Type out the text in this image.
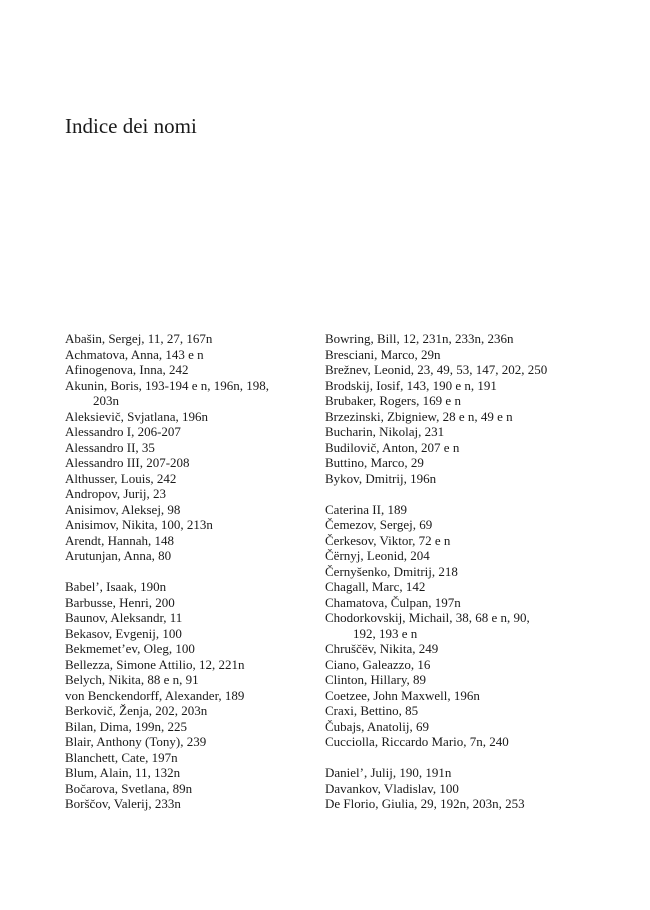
Indice dei nomi
Abašin, Sergej, 11, 27, 167n
Achmatova, Anna, 143 e n
Afinogenova, Inna, 242
Akunin, Boris, 193-194 e n, 196n, 198,
203n
Aleksievič, Svjatlana, 196n
Alessandro I, 206-207
Alessandro II, 35
Alessandro III, 207-208
Althusser, Louis, 242
Andropov, Jurij, 23
Anisimov, Aleksej, 98
Anisimov, Nikita, 100, 213n
Arendt, Hannah, 148
Arutunjan, Anna, 80
Babel’, Isaak, 190n
Barbusse, Henri, 200
Baunov, Aleksandr, 11
Bekasov, Evgenij, 100
Bekmemet’ev, Oleg, 100
Bellezza, Simone Attilio, 12, 221n
Belych, Nikita, 88 e n, 91
von Benckendorff, Alexander, 189
Berkovič, Ženja, 202, 203n
Bilan, Dima, 199n, 225
Blair, Anthony (Tony), 239
Blanchett, Cate, 197n
Blum, Alain, 11, 132n
Bočarova, Svetlana, 89n
Borščov, Valerij, 233n
Bowring, Bill, 12, 231n, 233n, 236n
Bresciani, Marco, 29n
Brežnev, Leonid, 23, 49, 53, 147, 202, 250
Brodskij, Iosif, 143, 190 e n, 191
Brubaker, Rogers, 169 e n
Brzezinski, Zbigniew, 28 e n, 49 e n
Bucharin, Nikolaj, 231
Budilovič, Anton, 207 e n
Buttino, Marco, 29
Bykov, Dmitrij, 196n
Caterina II, 189
Čemezov, Sergej, 69
Čerkesov, Viktor, 72 e n
Čërnyj, Leonid, 204
Černyšenko, Dmitrij, 218
Chagall, Marc, 142
Chamatova, Čulpan, 197n
Chodorkovskij, Michail, 38, 68 e n, 90,
192, 193 e n
Chruščëv, Nikita, 249
Ciano, Galeazzo, 16
Clinton, Hillary, 89
Coetzee, John Maxwell, 196n
Craxi, Bettino, 85
Čubajs, Anatolij, 69
Cucciolla, Riccardo Mario, 7n, 240
Daniel’, Julij, 190, 191n
Davankov, Vladislav, 100
De Florio, Giulia, 29, 192n, 203n, 253
